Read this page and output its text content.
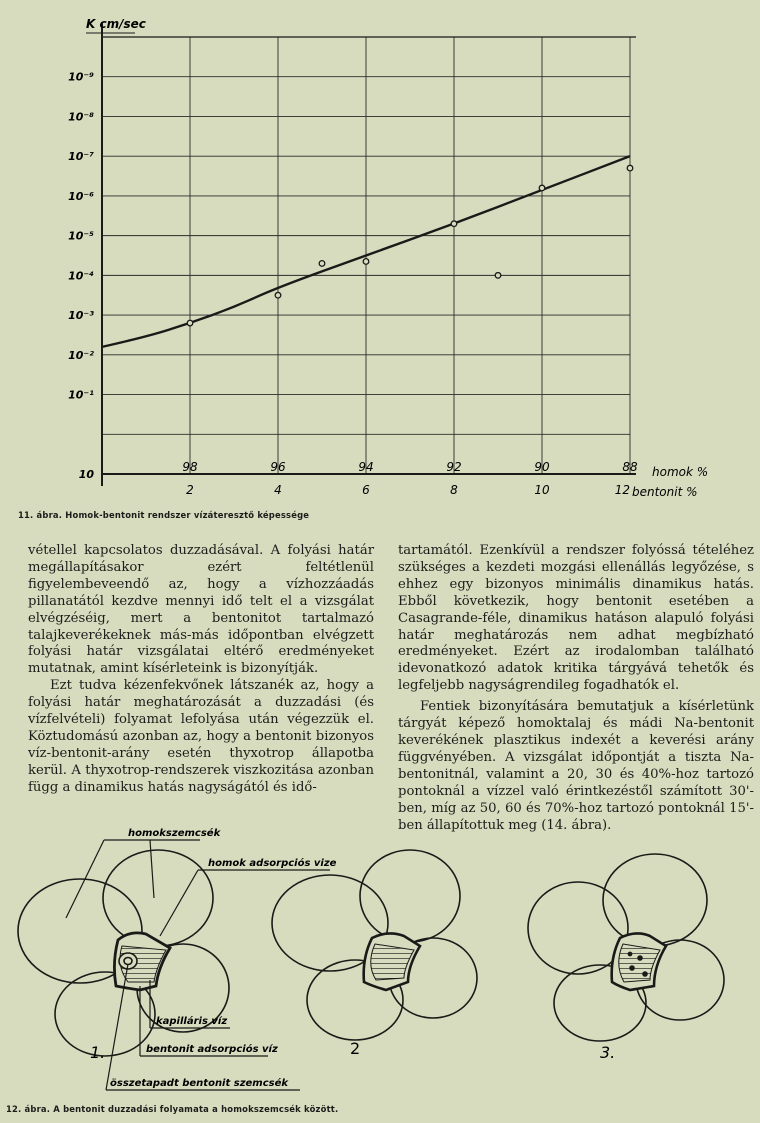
10
10⁻¹
10⁻²
10⁻³
10⁻⁴
10⁻⁵
10⁻⁶
10⁻⁷
10⁻⁸
10⁻⁹
98	96	94	92	90	88
2	4	6	8	10	12
K cm/sec
homok %
bentonit %
11. ábra. Homok-bentonit rendszer vízáteresztő képessége

vétellel kapcsolatos duzzadásával. A folyási határ megállapításakor ezért feltétlenül figyelembeveendő az, hogy a vízhozzáadás pillanatától kezdve mennyi idő telt el a vizsgálat elvégzéséig, mert a bentonitot tartalmazó talajkeverékeknek más-más időpontban elvégzett folyási határ vizsgálatai eltérő eredményeket mutatnak, amint kísérleteink is bizonyítják.

Ezt tudva kézenfekvőnek látszanék az, hogy a folyási határ meghatározását a duzzadási (és vízfelvételi) folyamat lefolyása után végezzük el. Köztudomású azonban az, hogy a bentonit bizonyos víz-bentonit-arány esetén thyxotrop állapotba kerül. A thyxotrop-rendszerek viszkozitása azonban függ a dinamikus hatás nagyságától és idő-

tartamától. Ezenkívül a rendszer folyóssá tételéhez szükséges a kezdeti mozgási ellenállás legyőzése, s ehhez egy bizonyos minimális dinamikus hatás. Ebből következik, hogy bentonit esetében a Casagrande-féle, dinamikus hatáson alapuló folyási határ meghatározás nem adhat megbízható eredményeket. Ezért az irodalomban található idevonatkozó adatok kritika tárgyává tehetők és legfeljebb nagyságrendileg fogadhatók el.

Fentiek bizonyítására bemutatjuk a kísérletünk tárgyát képező homoktalaj és mádi Na-bentonit keverékének plasztikus indexét a keverési arány függvényében. A vizsgálat időpontját a tiszta Na-bentonitnál, valamint a 20, 30 és 40%-hoz tartozó pontoknál a vízzel való érintkezéstől számított 30'-ben, míg az 50, 60 és 70%-hoz tartozó pontoknál 15'-ben állapítottuk meg (14. ábra).

homokszemcsék
homok adsorpciós vize
kapilláris víz
bentonit adsorpciós víz
összetapadt bentonit szemcsék
1.	2	3.
12. ábra. A bentonit duzzadási folyamata a homokszemcsék között.
